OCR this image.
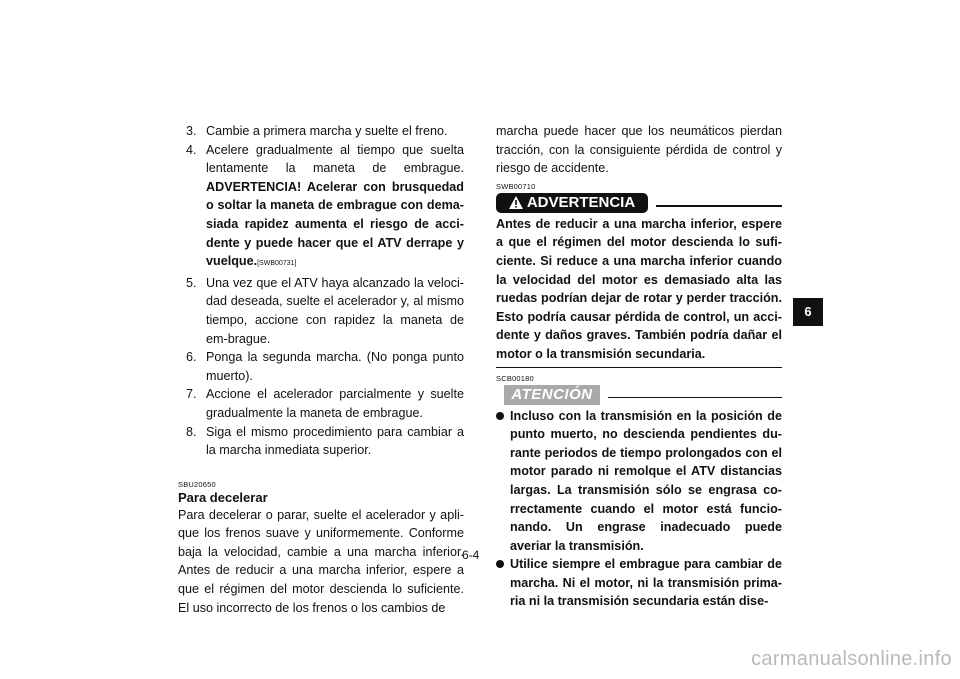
3. Cambie a primera marcha y suelte el freno.
4. Acelere gradualmente al tiempo que suelta lentamente la maneta de embrague. ADVERTENCIA! Acelerar con brusquedad o soltar la maneta de embrague con dema-siada rapidez aumenta el riesgo de acci-dente y puede hacer que el ATV derrape y vuelque.[SWB00731]
5. Una vez que el ATV haya alcanzado la veloci-dad deseada, suelte el acelerador y, al mismo tiempo, accione con rapidez la maneta de em-brague.
6. Ponga la segunda marcha. (No ponga punto muerto).
7. Accione el acelerador parcialmente y suelte gradualmente la maneta de embrague.
8. Siga el mismo procedimiento para cambiar a la marcha inmediata superior.
SBU20650
Para decelerar

Para decelerar o parar, suelte el acelerador y apli-que los frenos suave y uniformemente. Conforme baja la velocidad, cambie a una marcha inferior. Antes de reducir a una marcha inferior, espere a que el régimen del motor descienda lo suficiente. El uso incorrecto de los frenos o los cambios de

marcha puede hacer que los neumáticos pierdan tracción, con la consiguiente pérdida de control y riesgo de accidente.

SWB00710
ADVERTENCIA

Antes de reducir a una marcha inferior, espere a que el régimen del motor descienda lo sufi-ciente. Si reduce a una marcha inferior cuando la velocidad del motor es demasiado alta las ruedas podrían dejar de rotar y perder tracción. Esto podría causar pérdida de control, un acci-dente y daños graves. También podría dañar el motor o la transmisión secundaria.

SCB00180
ATENCIÓN
Incluso con la transmisión en la posición de punto muerto, no descienda pendientes du-rante periodos de tiempo prolongados con el motor parado ni remolque el ATV distancias largas. La transmisión sólo se engrasa co-rrectamente cuando el motor está funcio-nando. Un engrase inadecuado puede averiar la transmisión.
Utilice siempre el embrague para cambiar de marcha. Ni el motor, ni la transmisión prima-ria ni la transmisión secundaria están dise-
6-4
6
carmanualsonline.info
